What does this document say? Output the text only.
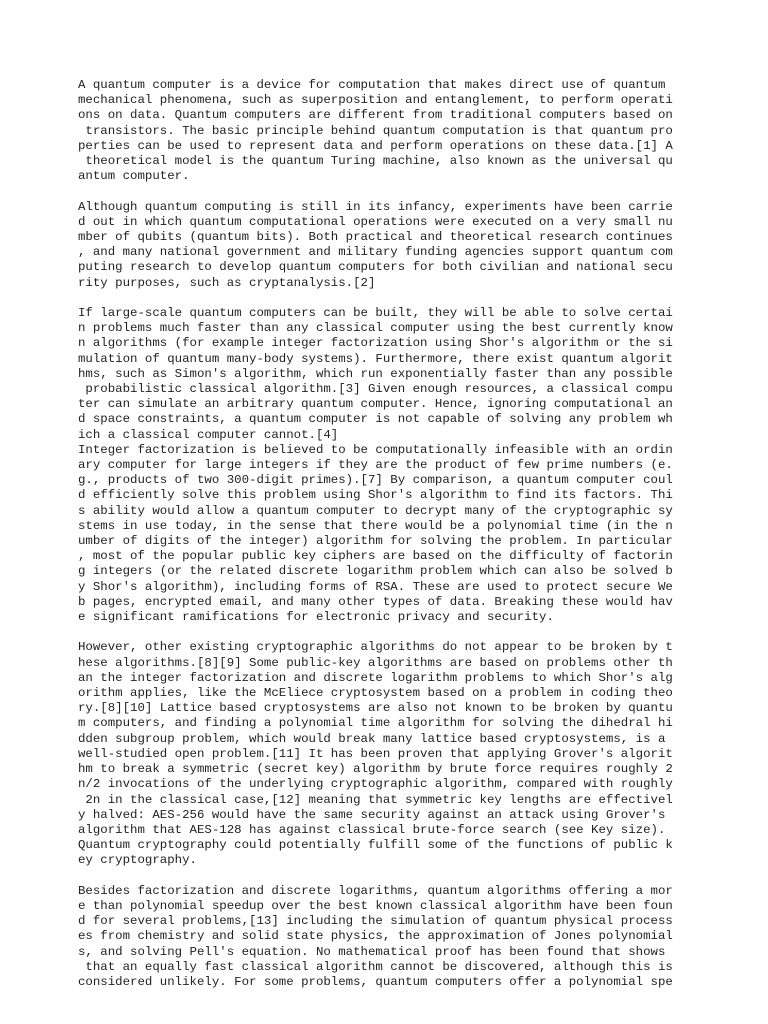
A quantum computer is a device for computation that makes direct use of quantum
mechanical phenomena, such as superposition and entanglement, to perform operati
ons on data. Quantum computers are different from traditional computers based on
transistors. The basic principle behind quantum computation is that quantum pro
perties can be used to represent data and perform operations on these data.[1] A
theoretical model is the quantum Turing machine, also known as the universal qu
antum computer.
Although quantum computing is still in its infancy, experiments have been carrie
d out in which quantum computational operations were executed on a very small nu
mber of qubits (quantum bits). Both practical and theoretical research continues
, and many national government and military funding agencies support quantum com
puting research to develop quantum computers for both civilian and national secu
rity purposes, such as cryptanalysis.[2]
If large-scale quantum computers can be built, they will be able to solve certai
n problems much faster than any classical computer using the best currently know
n algorithms (for example integer factorization using Shor's algorithm or the si
mulation of quantum many-body systems). Furthermore, there exist quantum algorit
hms, such as Simon's algorithm, which run exponentially faster than any possible
probabilistic classical algorithm.[3] Given enough resources, a classical compu
ter can simulate an arbitrary quantum computer. Hence, ignoring computational an
d space constraints, a quantum computer is not capable of solving any problem wh
ich a classical computer cannot.[4]
Integer factorization is believed to be computationally infeasible with an ordin
ary computer for large integers if they are the product of few prime numbers (e.
g., products of two 300-digit primes).[7] By comparison, a quantum computer coul
d efficiently solve this problem using Shor's algorithm to find its factors. Thi
s ability would allow a quantum computer to decrypt many of the cryptographic sy
stems in use today, in the sense that there would be a polynomial time (in the n
umber of digits of the integer) algorithm for solving the problem. In particular
, most of the popular public key ciphers are based on the difficulty of factorin
g integers (or the related discrete logarithm problem which can also be solved b
y Shor's algorithm), including forms of RSA. These are used to protect secure We
b pages, encrypted email, and many other types of data. Breaking these would hav
e significant ramifications for electronic privacy and security.
However, other existing cryptographic algorithms do not appear to be broken by t
hese algorithms.[8][9] Some public-key algorithms are based on problems other th
an the integer factorization and discrete logarithm problems to which Shor's alg
orithm applies, like the McEliece cryptosystem based on a problem in coding theo
ry.[8][10] Lattice based cryptosystems are also not known to be broken by quantu
m computers, and finding a polynomial time algorithm for solving the dihedral hi
dden subgroup problem, which would break many lattice based cryptosystems, is a
well-studied open problem.[11] It has been proven that applying Grover's algorit
hm to break a symmetric (secret key) algorithm by brute force requires roughly 2
n/2 invocations of the underlying cryptographic algorithm, compared with roughly
2n in the classical case,[12] meaning that symmetric key lengths are effectivel
y halved: AES-256 would have the same security against an attack using Grover's
algorithm that AES-128 has against classical brute-force search (see Key size).
Quantum cryptography could potentially fulfill some of the functions of public k
ey cryptography.
Besides factorization and discrete logarithms, quantum algorithms offering a mor
e than polynomial speedup over the best known classical algorithm have been foun
d for several problems,[13] including the simulation of quantum physical process
es from chemistry and solid state physics, the approximation of Jones polynomial
s, and solving Pell's equation. No mathematical proof has been found that shows
that an equally fast classical algorithm cannot be discovered, although this is
considered unlikely. For some problems, quantum computers offer a polynomial spe
